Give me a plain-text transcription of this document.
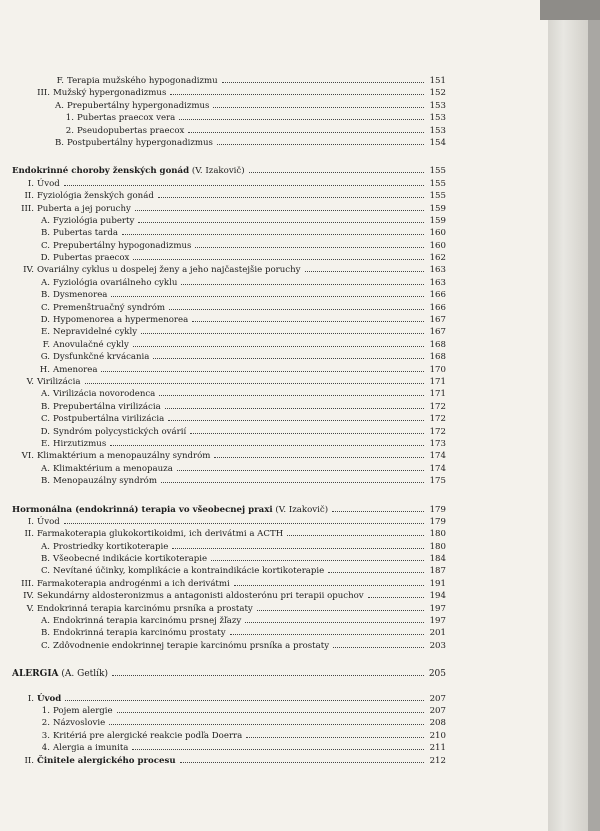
F. Terapia mužského hypogonadizmu	151
III. Mužský hypergonadizmus	152
A. Prepubertálny hypergonadizmus	153
1. Pubertas praecox vera	153
2. Pseudopubertas praecox	153
B. Postpubertálny hypergonadizmus	154
Endokrinné choroby ženských gonád (V. Izakovič)	155
I. Úvod	155
II. Fyziológia ženských gonád	155
III. Puberta a jej poruchy	159
A. Fyziológia puberty	159
B. Pubertas tarda	160
C. Prepubertálny hypogonadizmus	160
D. Pubertas praecox	162
IV. Ovariálny cyklus u dospelej ženy a jeho najčastejšie poruchy	163
A. Fyziológia ovariálneho cyklu	163
B. Dysmenorea	166
C. Premenštruačný syndróm	166
D. Hypomenorea a hypermenorea	167
E. Nepravidelné cykly	167
F. Anovulačné cykly	168
G. Dysfunkčné krvácania	168
H. Amenorea	170
V. Virilizácia	171
A. Virilizácia novorodenca	171
B. Prepubertálna virilizácia	172
C. Postpubertálna virilizácia	172
D. Syndróm polycystických ovárií	172
E. Hirzutizmus	173
VI. Klimaktérium a menopauzálny syndróm	174
A. Klimaktérium a menopauza	174
B. Menopauzálny syndróm	175
Hormonálna (endokrinná) terapia vo všeobecnej praxi (V. Izakovič)	179
I. Úvod	179
II. Farmakoterapia glukokortikoidmi, ich derivátmi a ACTH	180
A. Prostriedky kortikoterapie	180
B. Všeobecné indikácie kortikoterapie	184
C. Nevítané účinky, komplikácie a kontraindikácie kortikoterapie	187
III. Farmakoterapia androgénmi a ich derivátmi	191
IV. Sekundárny aldosteronizmus a antagonisti aldosterónu pri terapii opuchov	194
V. Endokrinná terapia karcinómu prsníka a prostaty	197
A. Endokrinná terapia karcinómu prsnej žľazy	197
B. Endokrinná terapia karcinómu prostaty	201
C. Zdôvodnenie endokrinnej terapie karcinómu prsníka a prostaty	203
ALERGIA (A. Getlík)	205
I. Úvod	207
1. Pojem alergie	207
2. Názvoslovie	208
3. Kritériá pre alergické reakcie podľa Doerra	210
4. Alergia a imunita	211
II. Činitele alergického procesu	212
